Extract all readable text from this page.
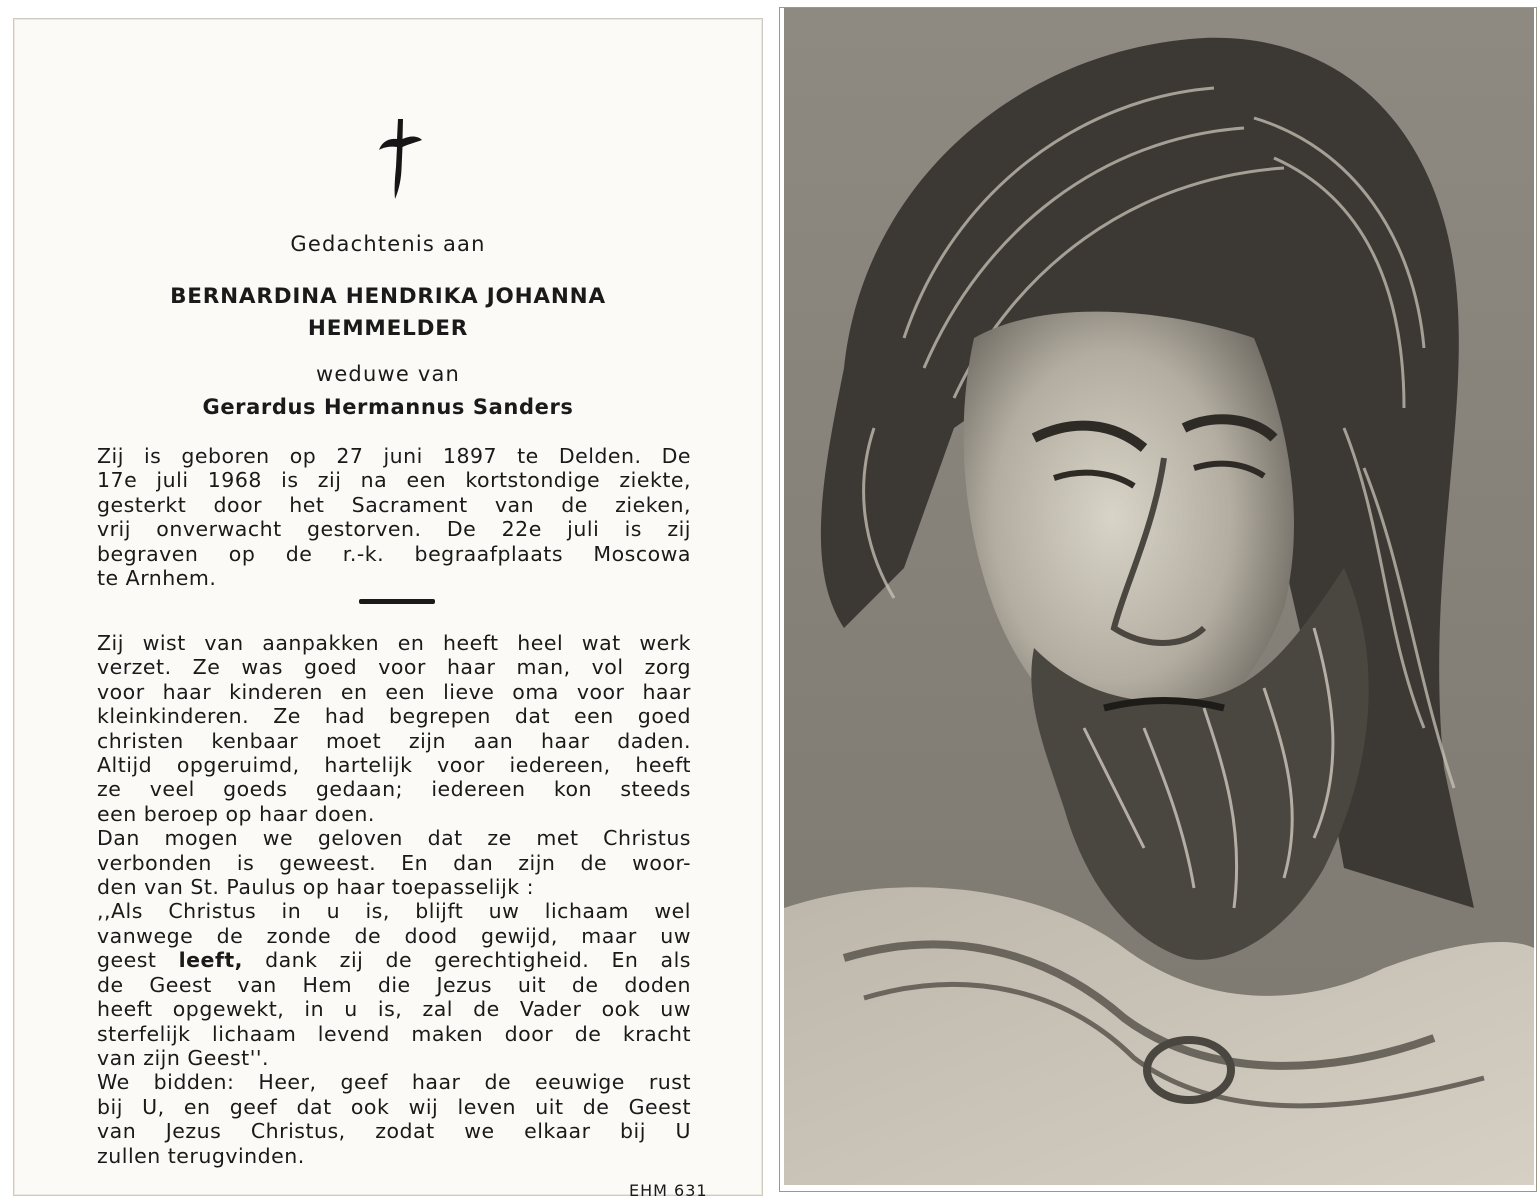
Gedachtenis aan
BERNARDINA HENDRIKA JOHANNA
HEMMELDER
weduwe van
Gerardus Hermannus Sanders
Zij is geboren op 27 juni 1897 te Delden. De
17e juli 1968 is zij na een kortstondige ziekte,
gesterkt door het Sacrament van de zieken,
vrij onverwacht gestorven. De 22e juli is zij
begraven op de r.-k. begraafplaats Moscowa
te Arnhem.
Zij wist van aanpakken en heeft heel wat werk
verzet. Ze was goed voor haar man, vol zorg
voor haar kinderen en een lieve oma voor haar
kleinkinderen. Ze had begrepen dat een goed
christen kenbaar moet zijn aan haar daden.
Altijd opgeruimd, hartelijk voor iedereen, heeft
ze veel goeds gedaan; iedereen kon steeds
een beroep op haar doen.
Dan mogen we geloven dat ze met Christus
verbonden is geweest. En dan zijn de woor-
den van St. Paulus op haar toepasselijk :
,,Als Christus in u is, blijft uw lichaam wel
vanwege de zonde de dood gewijd, maar uw
geest leeft, dank zij de gerechtigheid. En als
de Geest van Hem die Jezus uit de doden
heeft opgewekt, in u is, zal de Vader ook uw
sterfelijk lichaam levend maken door de kracht
van zijn Geest''.
We bidden: Heer, geef haar de eeuwige rust
bij U, en geef dat ook wij leven uit de Geest
van Jezus Christus, zodat we elkaar bij U
zullen terugvinden.
EHM 631
